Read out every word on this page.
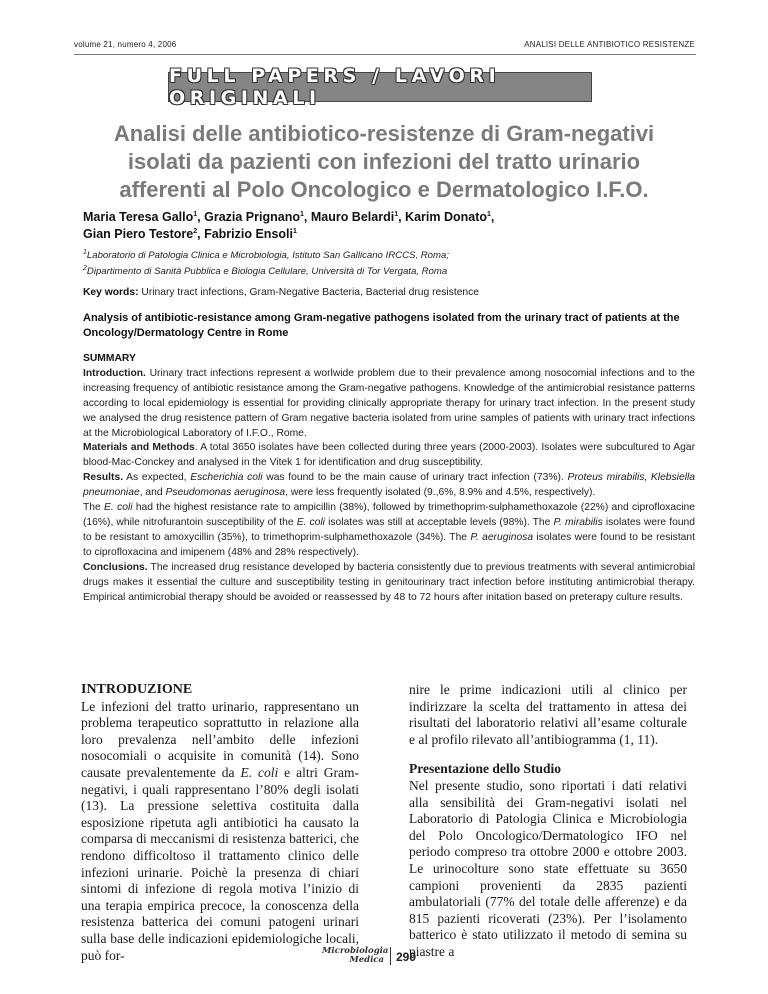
volume 21, numero 4, 2006	ANALISI DELLE ANTIBIOTICO RESISTENZE
FULL PAPERS / LAVORI ORIGINALI
Analisi delle antibiotico-resistenze di Gram-negativi isolati da pazienti con infezioni del tratto urinario afferenti al Polo Oncologico e Dermatologico I.F.O.

Maria Teresa Gallo$^1$, Grazia Prignano$^1$, Mauro Belardi$^1$, Karim Donato$^1$,
Gian Piero Testore$^2$, Fabrizio Ensoli$^1$

$^1$Laboratorio di Patologia Clinica e Microbiologia, Istituto San Gallicano IRCCS, Roma;

$^2$Dipartimento di Sanità Pubblica e Biologia Cellulare, Università di Tor Vergata, Roma

Key words: Urinary tract infections, Gram-Negative Bacteria, Bacterial drug resistence

Analysis of antibiotic-resistance among Gram-negative pathogens isolated from the urinary tract of patients at the Oncology/Dermatology Centre in Rome

SUMMARY

Introduction. Urinary tract infections represent a worlwide problem due to their prevalence among nosocomial infections and to the increasing frequency of antibiotic resistance among the Gram-negative pathogens. Knowledge of the antimicrobial resistance patterns according to local epidemiology is essential for providing clinically appropriate therapy for urinary tract infection. In the present study we analysed the drug resistence pattern of Gram negative bacteria isolated from urine samples of patients with urinary tract infections at the Microbiological Laboratory of I.F.O., Rome.

Materials and Methods. A total 3650 isolates have been collected during three years (2000-2003). Isolates were subcultured to Agar blood-Mac-Conckey and analysed in the Vitek 1 for identification and drug susceptibility.

Results. As expected, Escherichia coli was found to be the main cause of urinary tract infection (73%). Proteus mirabilis, Klebsiella pneumoniae, and Pseudomonas aeruginosa, were less frequently isolated (9.,6%, 8.9% and 4.5%, respectively).

The E. coli had the highest resistance rate to ampicillin (38%), followed by trimethoprim-sulphamethoxazole (22%) and ciprofloxacine (16%), while nitrofurantoin susceptibility of the E. coli isolates was still at acceptable levels (98%). The P. mirabilis isolates were found to be resistant to amoxycillin (35%), to trimethoprim-sulphamethoxazole (34%). The P. aeruginosa isolates were found to be resistant to ciprofloxacina and imipenem (48% and 28% respectively).

Conclusions. The increased drug resistance developed by bacteria consistently due to previous treatments with several antimicrobial drugs makes it essential the culture and susceptibility testing in genitourinary tract infection before instituting antimicrobial therapy. Empirical antimicrobial therapy should be avoided or reassessed by 48 to 72 hours after initation based on preterapy culture results.

INTRODUZIONE

Le infezioni del tratto urinario, rappresentano un problema terapeutico soprattutto in relazione alla loro prevalenza nell’ambito delle infezioni nosocomiali o acquisite in comunità (14). Sono causate prevalentemente da E. coli e altri Gram-negativi, i quali rappresentano l’80% degli isolati (13). La pressione selettiva costituita dalla esposizione ripetuta agli antibiotici ha causato la comparsa di meccanismi di resistenza batterici, che rendono difficoltoso il trattamento clinico delle infezioni urinarie. Poichè la presenza di chiari sintomi di infezione di regola motiva l’inizio di una terapia empirica precoce, la conoscenza della resistenza batterica dei comuni patogeni urinari sulla base delle indicazioni epidemiologiche locali, può for-

nire le prime indicazioni utili al clinico per indirizzare la scelta del trattamento in attesa dei risultati del laboratorio relativi all’esame colturale e al profilo rilevato all’antibiogramma (1, 11).

Presentazione dello Studio

Nel presente studio, sono riportati i dati relativi alla sensibilità dei Gram-negativi isolati nel Laboratorio di Patologia Clinica e Microbiologia del Polo Oncologico/Dermatologico IFO nel periodo compreso tra ottobre 2000 e ottobre 2003. Le urinocolture sono state effettuate su 3650 campioni provenienti da 2835 pazienti ambulatoriali (77% del totale delle afferenze) e da 815 pazienti ricoverati (23%). Per l’isolamento batterico è stato utilizzato il metodo di semina su piastre a

Microbiologia
Medica 299
